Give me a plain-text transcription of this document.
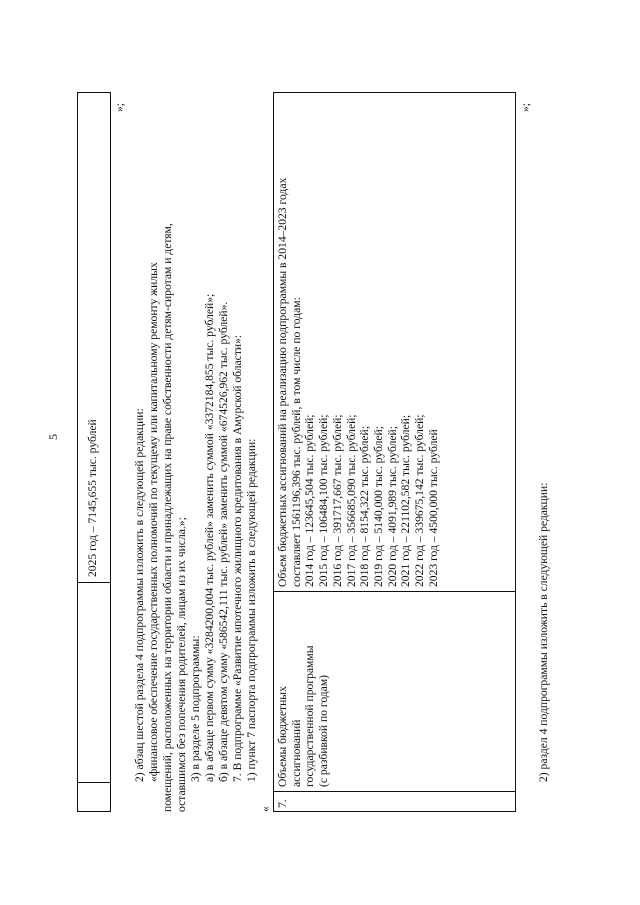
5 2025 год – 7145,655 тыс. рублей
»;
2) абзац шестой раздела 4 подпрограммы изложить в следующей редакции: «финансовое обеспечение государственных полномочий по текущему или капитальному ремонту жилых помещений, расположенных на территории области и принадлежащих на праве собственности детям-сиротам и детям, оставшимся без попечения родителей, лицам из их числа.»; 3) в разделе 5 подпрограммы: а) в абзаце первом сумму «3284200,004 тыс. рублей» заменить суммой «3372184,855 тыс. рублей»; б) в абзаце девятом сумму «586542,111 тыс. рублей» заменить суммой «674526,962 тыс. рублей». 7. В подпрограмме «Развитие ипотечного жилищного кредитования в Амурской области»: 1) пункт 7 паспорта подпрограммы изложить в следующей редакции:
«
7.
Объемы бюджетных ассигнований государственной программы (с разбивкой по годам)
Объем бюджетных ассигнований на реализацию подпрограммы в 2014–2023 годах составляет 1561196,396 тыс. рублей, в том числе по годам: 2014 год – 123645,504 тыс. рублей; 2015 год – 106484,100 тыс. рублей; 2016 год – 391717,667 тыс. рублей; 2017 год – 356685,090 тыс. рублей; 2018 год – 8154,322 тыс. рублей; 2019 год – 5140,000 тыс. рублей; 2020 год – 4091,989 тыс. рублей; 2021 год – 221102,582 тыс. рублей; 2022 год – 339675,142 тыс. рублей; 2023 год – 4500,000 тыс. рублей
»;
2) раздел 4 подпрограммы изложить в следующей редакции:
